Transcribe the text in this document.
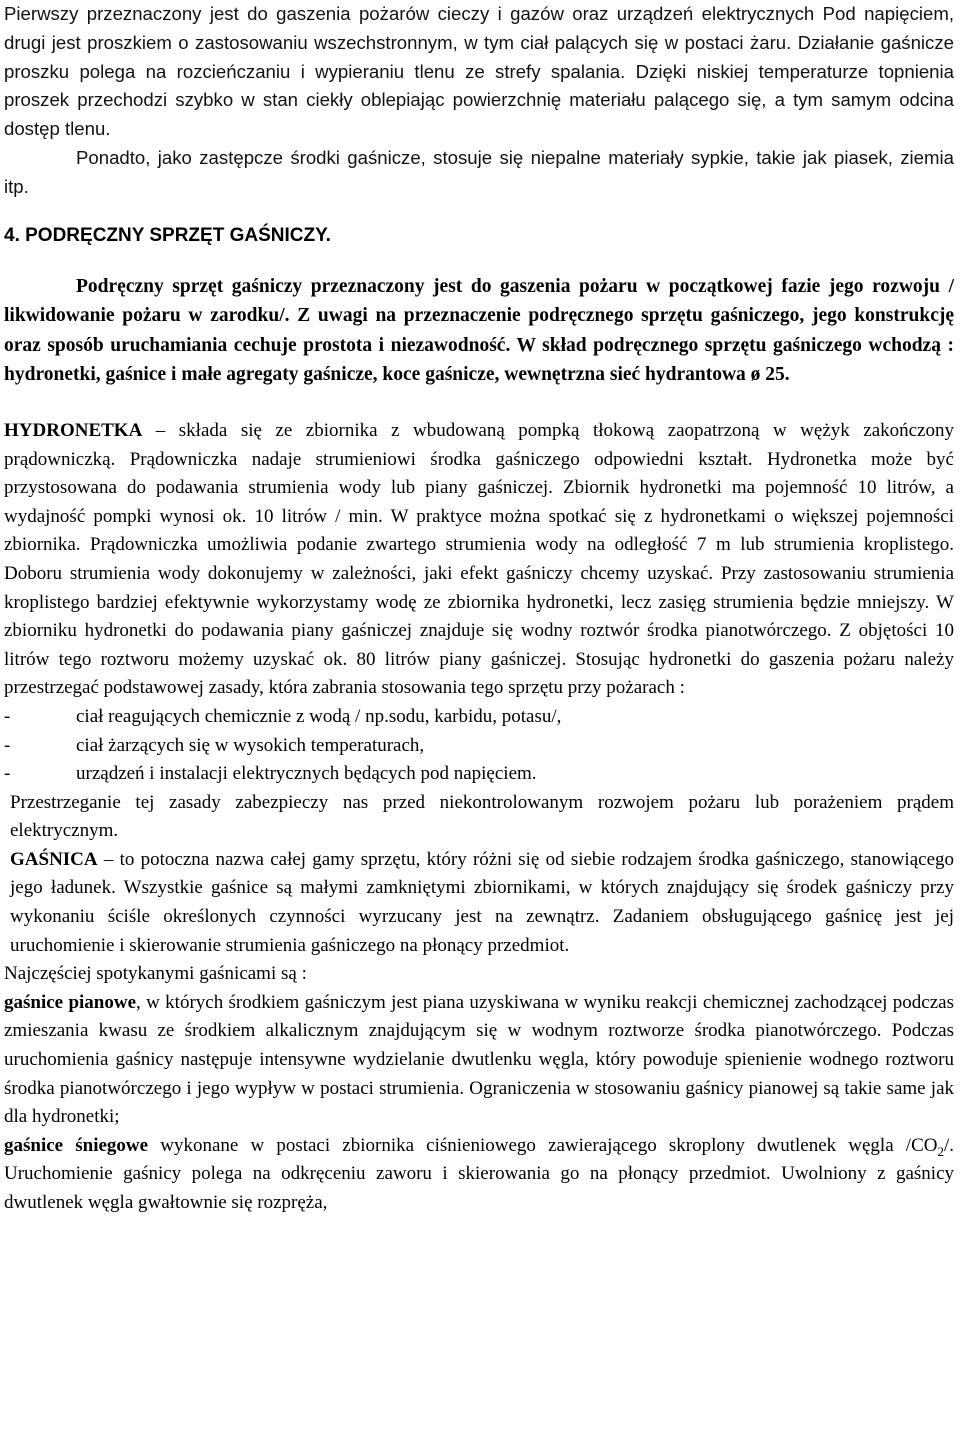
Pierwszy przeznaczony jest do gaszenia pożarów cieczy i gazów oraz urządzeń elektrycznych Pod napięciem, drugi jest proszkiem o zastosowaniu wszechstronnym, w tym ciał palących się w postaci żaru. Działanie gaśnicze proszku polega na rozcieńczaniu i wypieraniu tlenu ze strefy spalania. Dzięki niskiej temperaturze topnienia proszek przechodzi szybko w stan ciekły oblepiając powierzchnię materiału palącego się, a tym samym odcina dostęp tlenu.

Ponadto, jako zastępcze środki gaśnicze, stosuje się niepalne materiały sypkie, takie jak piasek, ziemia itp.

4. PODRĘCZNY SPRZĘT GAŚNICZY.

Podręczny sprzęt gaśniczy przeznaczony jest do gaszenia pożaru w początkowej fazie jego rozwoju / likwidowanie pożaru w zarodku/. Z uwagi na przeznaczenie podręcznego sprzętu gaśniczego, jego konstrukcję oraz sposób uruchamiania cechuje prostota i niezawodność. W skład podręcznego sprzętu gaśniczego wchodzą : hydronetki, gaśnice i małe agregaty gaśnicze, koce gaśnicze, wewnętrzna sieć hydrantowa ø 25.

HYDRONETKA – składa się ze zbiornika z wbudowaną pompką tłokową zaopatrzoną w wężyk zakończony prądowniczką. Prądowniczka nadaje strumieniowi środka gaśniczego odpowiedni kształt. Hydronetka może być przystosowana do podawania strumienia wody lub piany gaśniczej. Zbiornik hydronetki ma pojemność 10 litrów, a wydajność pompki wynosi ok. 10 litrów / min. W praktyce można spotkać się z hydronetkami o większej pojemności zbiornika. Prądowniczka umożliwia podanie zwartego strumienia wody na odległość 7 m lub strumienia kroplistego. Doboru strumienia wody dokonujemy w zależności, jaki efekt gaśniczy chcemy uzyskać. Przy zastosowaniu strumienia kroplistego bardziej efektywnie wykorzystamy wodę ze zbiornika hydronetki, lecz zasięg strumienia będzie mniejszy. W zbiorniku hydronetki do podawania piany gaśniczej znajduje się wodny roztwór środka pianotwórczego. Z objętości 10 litrów tego roztworu możemy uzyskać ok. 80 litrów piany gaśniczej. Stosując hydronetki do gaszenia pożaru należy przestrzegać podstawowej zasady, która zabrania stosowania tego sprzętu przy pożarach :

-	ciał reagujących chemicznie z wodą / np.sodu, karbidu, potasu/,
-	ciał żarzących się w wysokich temperaturach,
-	urządzeń i instalacji elektrycznych będących pod napięciem.

Przestrzeganie tej zasady zabezpieczy nas przed niekontrolowanym rozwojem pożaru lub porażeniem prądem elektrycznym.

GAŚNICA – to potoczna nazwa całej gamy sprzętu, który różni się od siebie rodzajem środka gaśniczego, stanowiącego jego ładunek. Wszystkie gaśnice są małymi zamkniętymi zbiornikami, w których znajdujący się środek gaśniczy przy wykonaniu ściśle określonych czynności wyrzucany jest na zewnątrz. Zadaniem obsługującego gaśnicę jest jej uruchomienie i skierowanie strumienia gaśniczego na płonący przedmiot.

Najczęściej spotykanymi gaśnicami są :

gaśnice pianowe, w których środkiem gaśniczym jest piana uzyskiwana w wyniku reakcji chemicznej zachodzącej podczas zmieszania kwasu ze środkiem alkalicznym znajdującym się w wodnym roztworze środka pianotwórczego. Podczas uruchomienia gaśnicy następuje intensywne wydzielanie dwutlenku węgla, który powoduje spienienie wodnego roztworu środka pianotwórczego i jego wypływ w postaci strumienia. Ograniczenia w stosowaniu gaśnicy pianowej są takie same jak dla hydronetki;

gaśnice śniegowe wykonane w postaci zbiornika ciśnieniowego zawierającego skroplony dwutlenek węgla $/CO_2/$. Uruchomienie gaśnicy polega na odkręceniu zaworu i skierowania go na płonący przedmiot. Uwolniony z gaśnicy dwutlenek węgla gwałtownie się rozpręża,
